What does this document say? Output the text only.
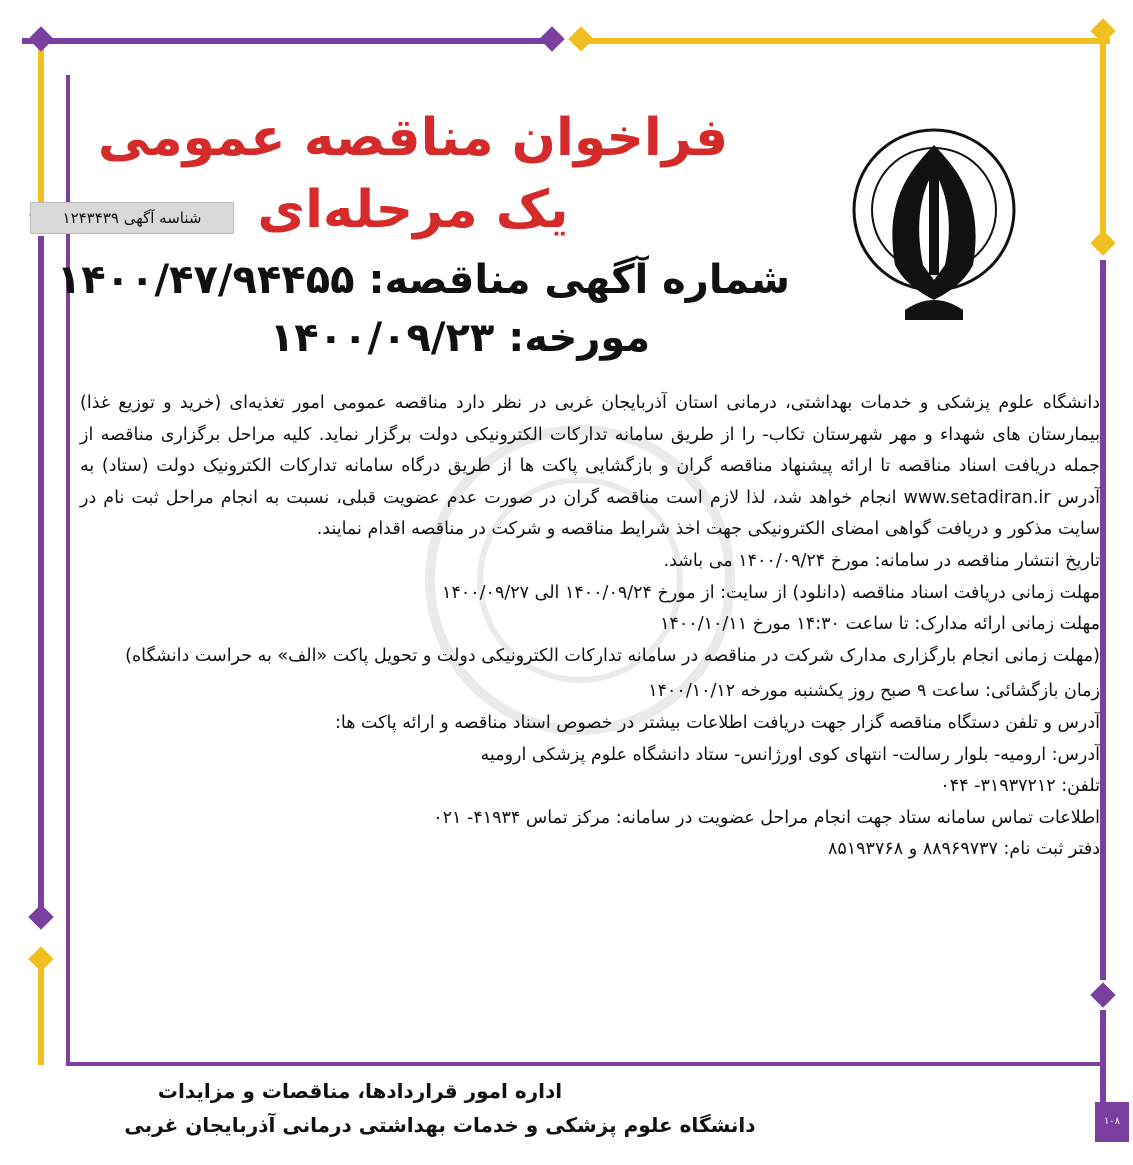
فراخوان مناقصه عمومی
یک مرحله‌ای
شناسه آگهی ۱۲۴۳۴۳۹
شماره آگهی مناقصه: ۱۴۰۰/۴۷/۹۴۴۵۵
مورخه: ۱۴۰۰/۰۹/۲۳

دانشگاه علوم پزشکی و خدمات بهداشتی، درمانی استان آذربایجان غربی در نظر دارد مناقصه عمومی امور تغذیه‌ای (خرید و توزیع غذا) بیمارستان های شهداء و مهر شهرستان تکاب- را از طریق سامانه تدارکات الکترونیکی دولت برگزار نماید. کلیه مراحل برگزاری مناقصه از جمله دریافت اسناد مناقصه تا ارائه پیشنهاد مناقصه گران و بازگشایی پاکت ها از طریق درگاه سامانه تدارکات الکترونیک دولت (ستاد) به آدرس www.setadiran.ir انجام خواهد شد، لذا لازم است مناقصه گران در صورت عدم عضویت قبلی، نسبت به انجام مراحل ثبت نام در سایت مذکور و دریافت گواهی امضای الکترونیکی جهت اخذ شرایط مناقصه و شرکت در مناقصه اقدام نمایند.

تاریخ انتشار مناقصه در سامانه: مورخ ۱۴۰۰/۰۹/۲۴ می باشد.

مهلت زمانی دریافت اسناد مناقصه (دانلود) از سایت: از مورخ ۱۴۰۰/۰۹/۲۴ الی ۱۴۰۰/۰۹/۲۷

مهلت زمانی ارائه مدارک: تا ساعت ۱۴:۳۰ مورخ ۱۴۰۰/۱۰/۱۱

(مهلت زمانی انجام بارگزاری مدارک شرکت در مناقصه در سامانه تدارکات الکترونیکی دولت و تحویل پاکت «الف» به حراست دانشگاه)

زمان بازگشائی: ساعت ۹ صبح روز یکشنبه مورخه ۱۴۰۰/۱۰/۱۲

آدرس و تلفن دستگاه مناقصه گزار جهت دریافت اطلاعات بیشتر در خصوص اسناد مناقصه و ارائه پاکت ها:

آدرس: ارومیه- بلوار رسالت- انتهای کوی اورژانس- ستاد دانشگاه علوم پزشکی ارومیه

تلفن: ۳۱۹۳۷۲۱۲- ۰۴۴

اطلاعات تماس سامانه ستاد جهت انجام مراحل عضویت در سامانه: مرکز تماس ۴۱۹۳۴- ۰۲۱

دفتر ثبت نام: ۸۸۹۶۹۷۳۷ و ۸۵۱۹۳۷۶۸

اداره امور قراردادها، مناقصات و مزایدات
دانشگاه علوم پزشکی و خدمات بهداشتی درمانی آذربایجان غربی	۱۰۸
